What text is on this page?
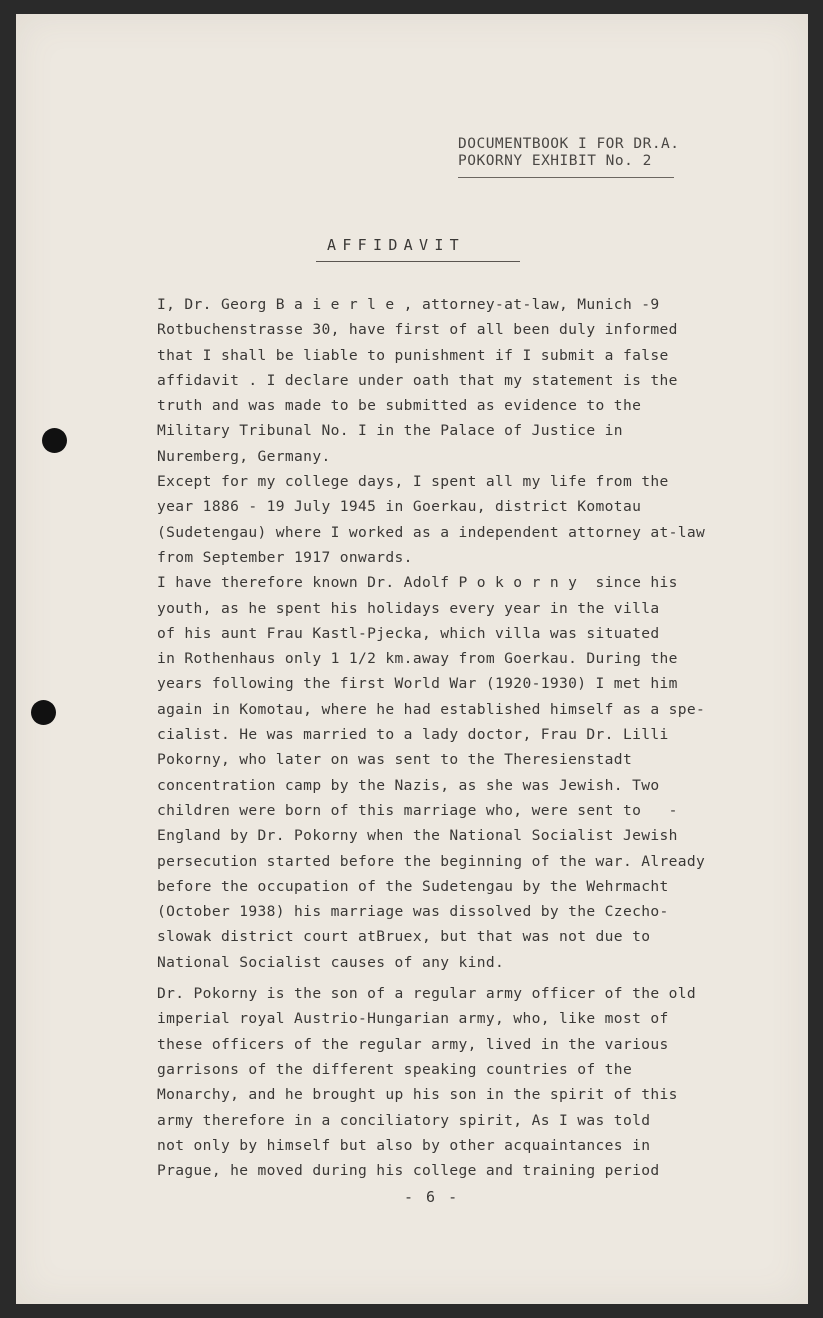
DOCUMENTBOOK I FOR DR.A.
POKORNY EXHIBIT No. 2
AFFIDAVIT
I, Dr. Georg B a i e r l e , attorney-at-law, Munich -9
Rotbuchenstrasse 30, have first of all been duly informed
that I shall be liable to punishment if I submit a false
affidavit . I declare under oath that my statement is the
truth and was made to be submitted as evidence to the
Military Tribunal No. I in the Palace of Justice in
Nuremberg, Germany.
Except for my college days, I spent all my life from the
year 1886 - 19 July 1945 in Goerkau, district Komotau
(Sudetengau) where I worked as a independent attorney at-law
from September 1917 onwards.
I have therefore known Dr. Adolf P o k o r n y  since his
youth, as he spent his holidays every year in the villa
of his aunt Frau Kastl-Pjecka, which villa was situated
in Rothenhaus only 1 1/2 km.away from Goerkau. During the
years following the first World War (1920-1930) I met him
again in Komotau, where he had established himself as a spe-
cialist. He was married to a lady doctor, Frau Dr. Lilli
Pokorny, who later on was sent to the Theresienstadt
concentration camp by the Nazis, as she was Jewish. Two
children were born of this marriage who, were sent to   -
England by Dr. Pokorny when the National Socialist Jewish
persecution started before the beginning of the war. Already
before the occupation of the Sudetengau by the Wehrmacht
(October 1938) his marriage was dissolved by the Czecho-
slowak district court atBruex, but that was not due to
National Socialist causes of any kind.
Dr. Pokorny is the son of a regular army officer of the old
imperial royal Austrio-Hungarian army, who, like most of
these officers of the regular army, lived in the various
garrisons of the different speaking countries of the
Monarchy, and he brought up his son in the spirit of this
army therefore in a conciliatory spirit, As I was told
not only by himself but also by other acquaintances in
Prague, he moved during his college and training period
- 6 -
